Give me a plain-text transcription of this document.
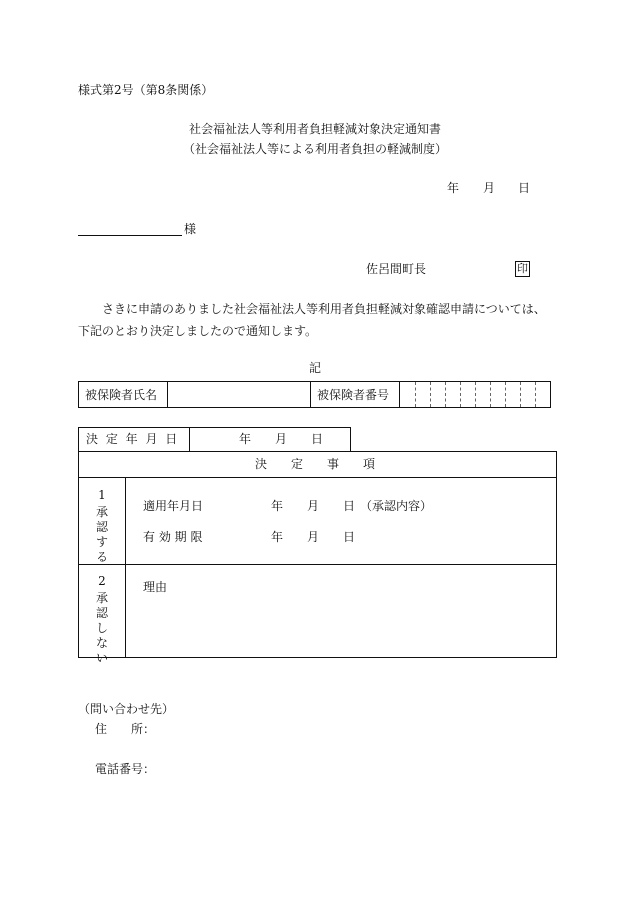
様式第2号（第8条関係）
社会福祉法人等利用者負担軽減対象決定通知書
（社会福祉法人等による利用者負担の軽減制度）
年 月 日
様
佐呂間町長	印
さきに申請のありました社会福祉法人等利用者負担軽減対象確認申請については、下記のとおり決定しましたので通知します。
記
被保険者氏名		被保険者番号	
決 定 年 月 日	年 月 日
決　　定　　事　　項
1
承認する
適用年月日	年 月 日 （承認内容）
有 効 期 限	年 月 日
2
承認しない
理由
（問い合わせ先）
住　　所：
電話番号：
